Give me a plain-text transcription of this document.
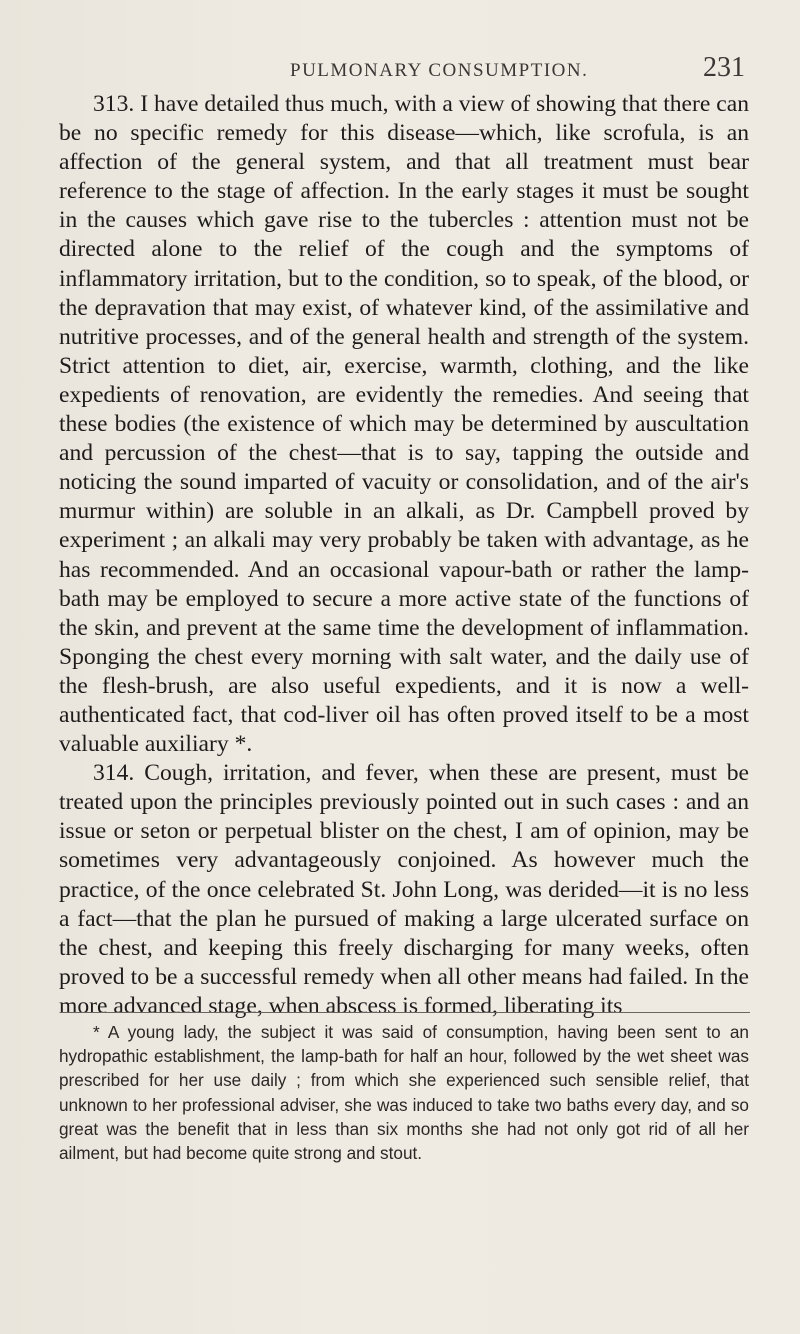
PULMONARY CONSUMPTION.	231

313. I have detailed thus much, with a view of showing that there can be no specific remedy for this disease—which, like scrofula, is an affection of the general system, and that all treatment must bear reference to the stage of affection. In the early stages it must be sought in the causes which gave rise to the tubercles : attention must not be directed alone to the relief of the cough and the symptoms of inflammatory irritation, but to the condition, so to speak, of the blood, or the depravation that may exist, of whatever kind, of the assimilative and nutritive processes, and of the general health and strength of the system. Strict attention to diet, air, exercise, warmth, clothing, and the like expedients of renovation, are evidently the remedies. And seeing that these bodies (the existence of which may be determined by auscultation and percussion of the chest—that is to say, tapping the outside and noticing the sound imparted of vacuity or consolidation, and of the air's murmur within) are soluble in an alkali, as Dr. Campbell proved by experiment ; an alkali may very probably be taken with advantage, as he has recommended. And an occasional vapour-bath or rather the lamp-bath may be employed to secure a more active state of the functions of the skin, and prevent at the same time the development of inflammation. Sponging the chest every morning with salt water, and the daily use of the flesh-brush, are also useful expedients, and it is now a well-authenticated fact, that cod-liver oil has often proved itself to be a most valuable auxiliary *.

314. Cough, irritation, and fever, when these are present, must be treated upon the principles previously pointed out in such cases : and an issue or seton or perpetual blister on the chest, I am of opinion, may be sometimes very advantageously conjoined. As however much the practice, of the once celebrated St. John Long, was derided—it is no less a fact—that the plan he pursued of making a large ulcerated surface on the chest, and keeping this freely discharging for many weeks, often proved to be a successful remedy when all other means had failed. In the more advanced stage, when abscess is formed, liberating its

* A young lady, the subject it was said of consumption, having been sent to an hydropathic establishment, the lamp-bath for half an hour, followed by the wet sheet was prescribed for her use daily ; from which she experienced such sensible relief, that unknown to her professional adviser, she was induced to take two baths every day, and so great was the benefit that in less than six months she had not only got rid of all her ailment, but had become quite strong and stout.
